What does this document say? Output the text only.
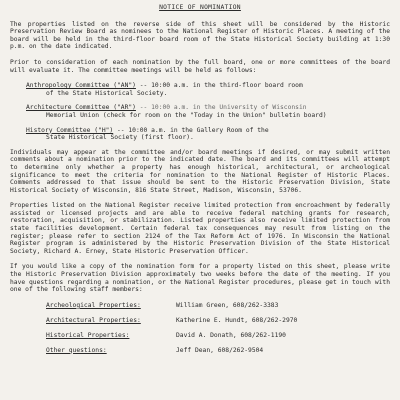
NOTICE OF NOMINATION

The properties listed on the reverse side of this sheet will be considered by the Historic Preservation Review Board as nominees to the National Register of Historic Places. A meeting of the board will be held in the third-floor board room of the State Historical Society building at 1:30 p.m. on the date indicated.

Prior to consideration of each nomination by the full board, one or more committees of the board will evaluate it. The committee meetings will be held as follows:

Anthropology Committee ("AN") -- 10:00 a.m. in the third-floor board room
of the State Historical Society.
Architecture Committee ("AR") -- 10:00 a.m. in the University of Wisconsin
Memorial Union (check for room on the "Today in the Union" bulletin board)
History Committee ("H") -- 10:00 a.m. in the Gallery Room of the
State Historical Society (first floor).

Individuals may appear at the committee and/or board meetings if desired, or may submit written comments about a nomination prior to the indicated date. The board and its committees will attempt to determine only whether a property has enough historical, architectural, or archeological significance to meet the criteria for nomination to the National Register of Historic Places. Comments addressed to that issue should be sent to the Historic Preservation Division, State Historical Society of Wisconsin, 816 State Street, Madison, Wisconsin, 53706.

Properties listed on the National Register receive limited protection from encroachment by federally assisted or licensed projects and are able to receive federal matching grants for research, restoration, acquisition, or stabilization. Listed properties also receive limited protection from state facilities development. Certain federal tax consequences may result from listing on the register; please refer to section 2124 of the Tax Reform Act of 1976. In Wisconsin the National Register program is administered by the Historic Preservation Division of the State Historical Society, Richard A. Erney, State Historic Preservation Officer.

If you would like a copy of the nomination form for a property listed on this sheet, please write the Historic Preservation Division approximately two weeks before the date of the meeting. If you have questions regarding a nomination, or the National Register procedures, please get in touch with one of the following staff members:

Archeological Properties:	William Green, 608/262-3383
Architectural Properties:	Katherine E. Hundt, 608/262-2970
Historical Properties:	David A. Donath, 608/262-1190
Other questions:	Jeff Dean, 608/262-9504
